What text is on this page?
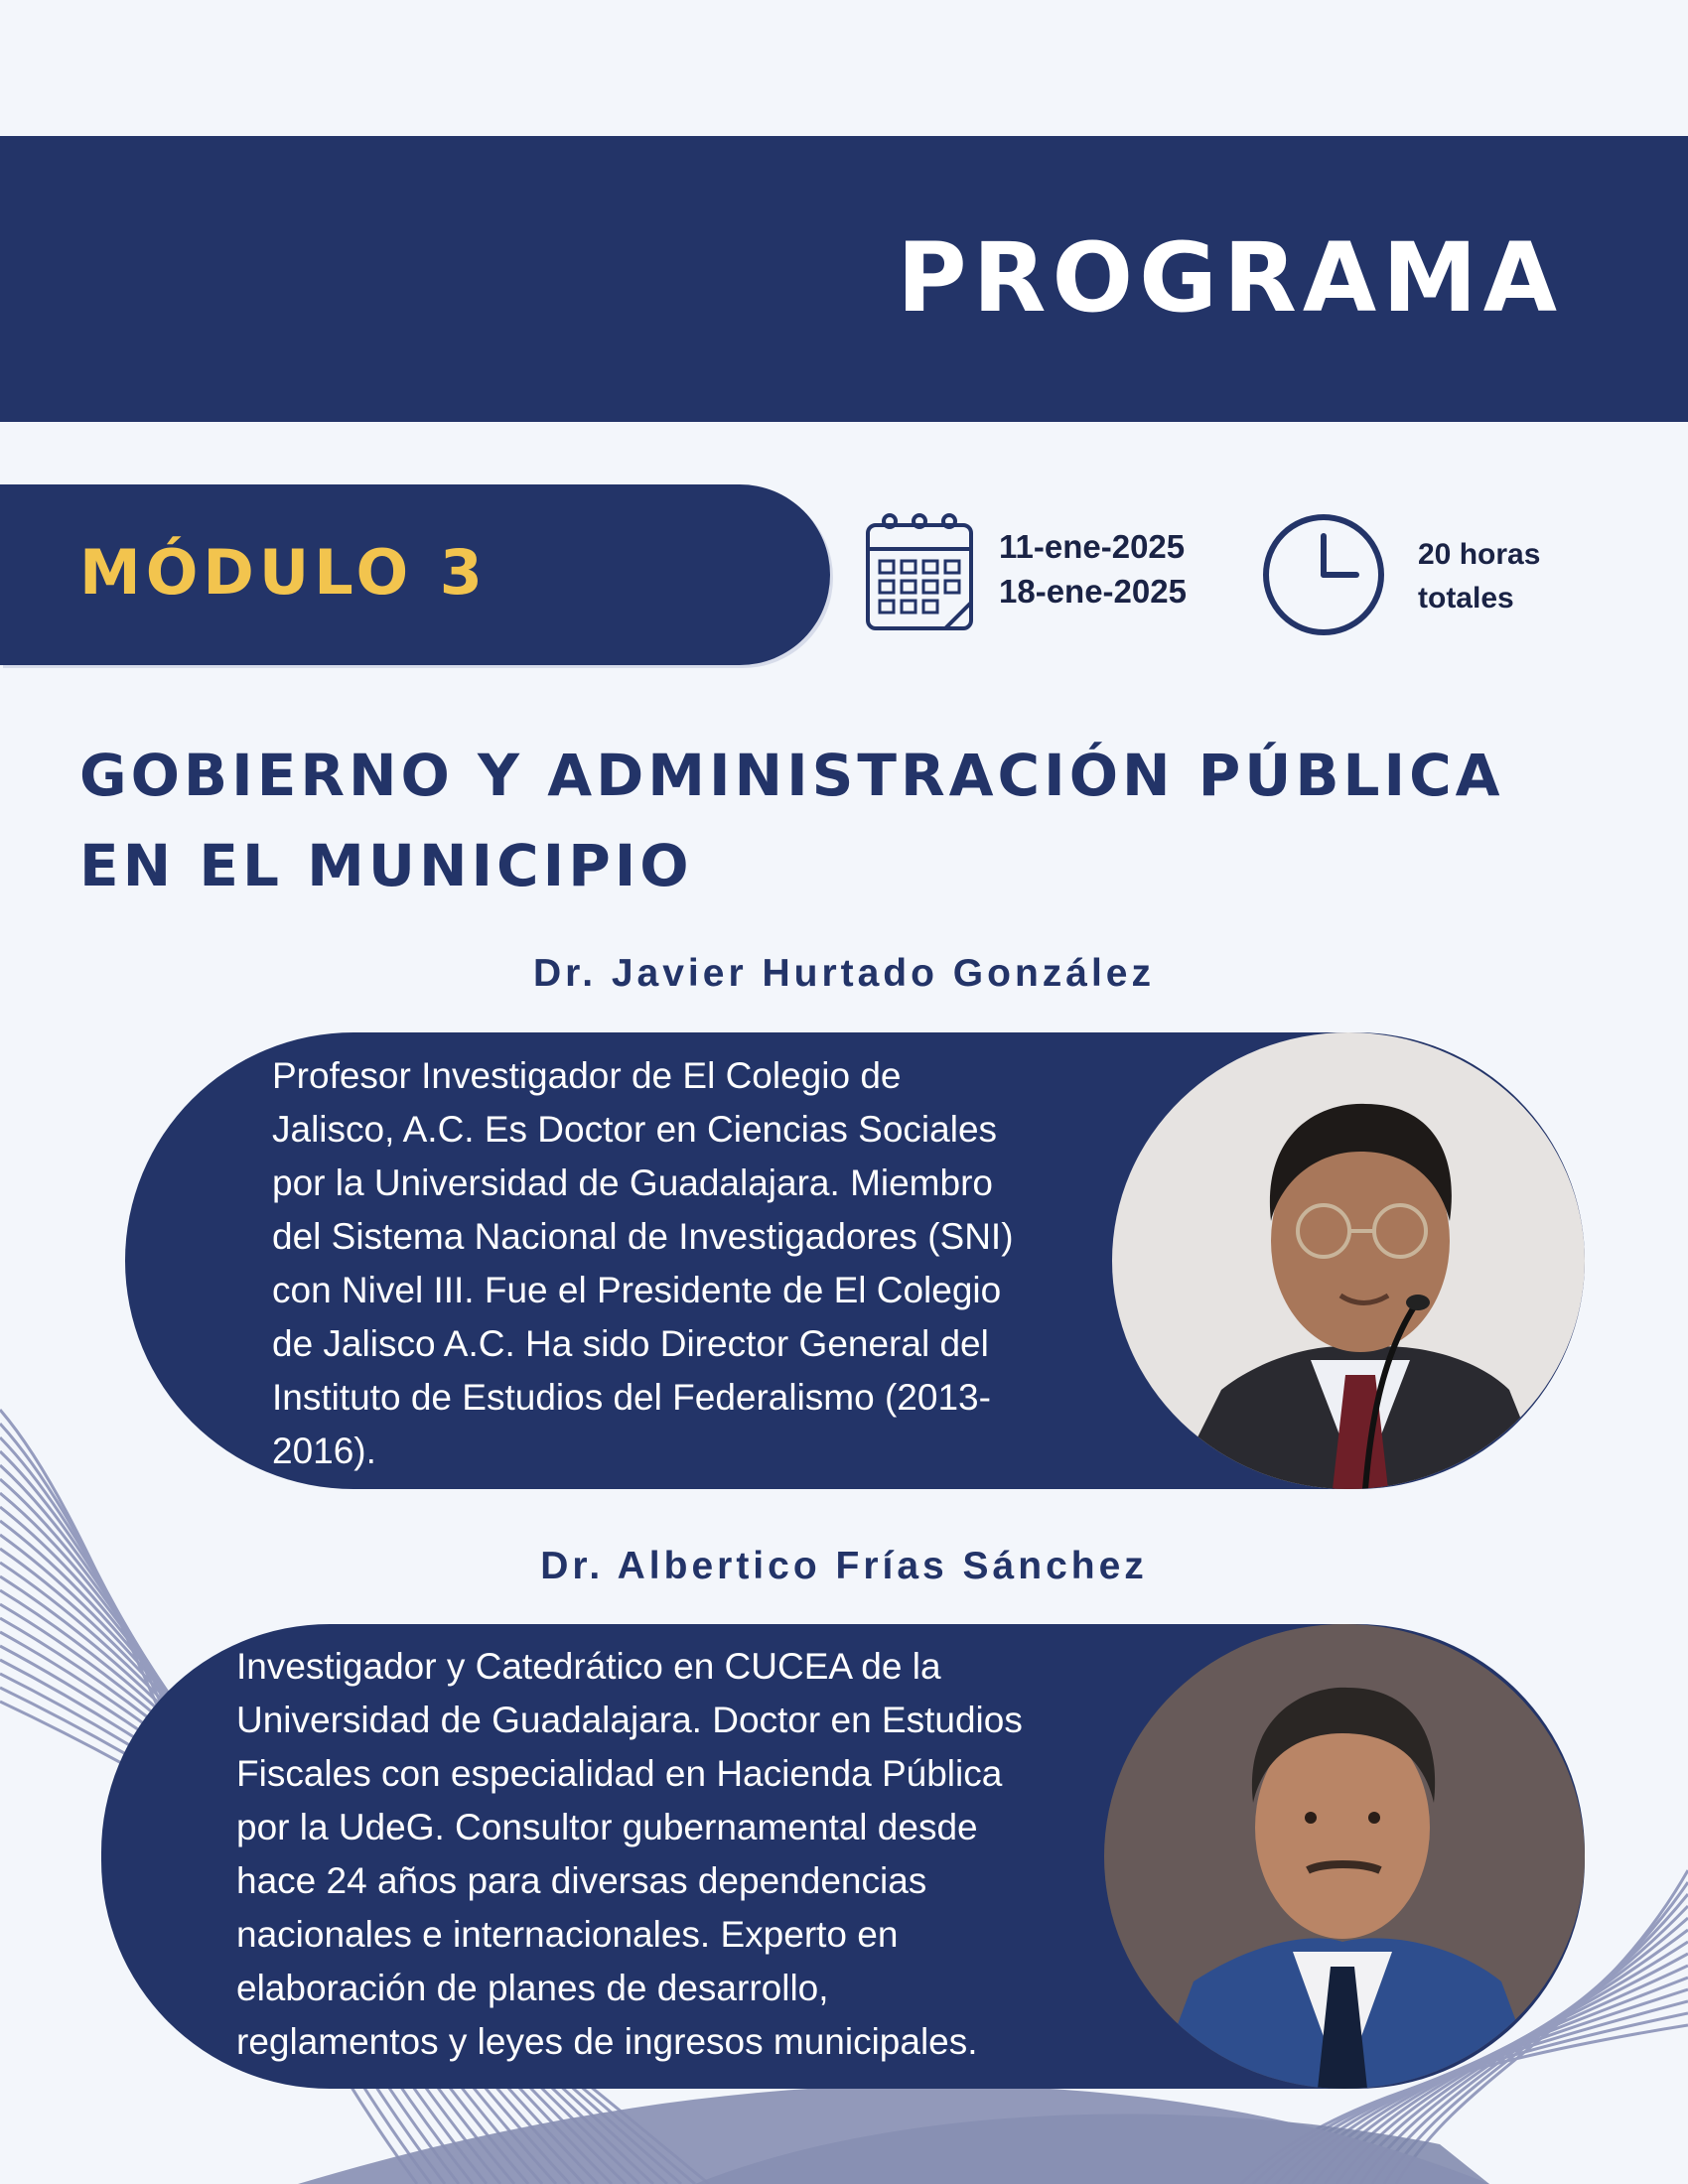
PROGRAMA
MÓDULO 3	11-ene-2025
18-ene-2025
20 horas
totales
GOBIERNO Y ADMINISTRACIÓN PÚBLICA
EN EL MUNICIPIO
Dr. Javier Hurtado González
Profesor Investigador de El Colegio de
Jalisco, A.C. Es Doctor en Ciencias Sociales
por la Universidad de Guadalajara. Miembro
del Sistema Nacional de Investigadores (SNI)
con Nivel III. Fue el Presidente de El Colegio
de Jalisco A.C. Ha sido Director General del
Instituto de Estudios del Federalismo (2013-
2016).
Dr. Albertico Frías Sánchez
Investigador y Catedrático en CUCEA de la
Universidad de Guadalajara. Doctor en Estudios
Fiscales con especialidad en Hacienda Pública
por la UdeG. Consultor gubernamental desde
hace 24 años para diversas dependencias
nacionales e internacionales. Experto en
elaboración de planes de desarrollo,
reglamentos y leyes de ingresos municipales.
